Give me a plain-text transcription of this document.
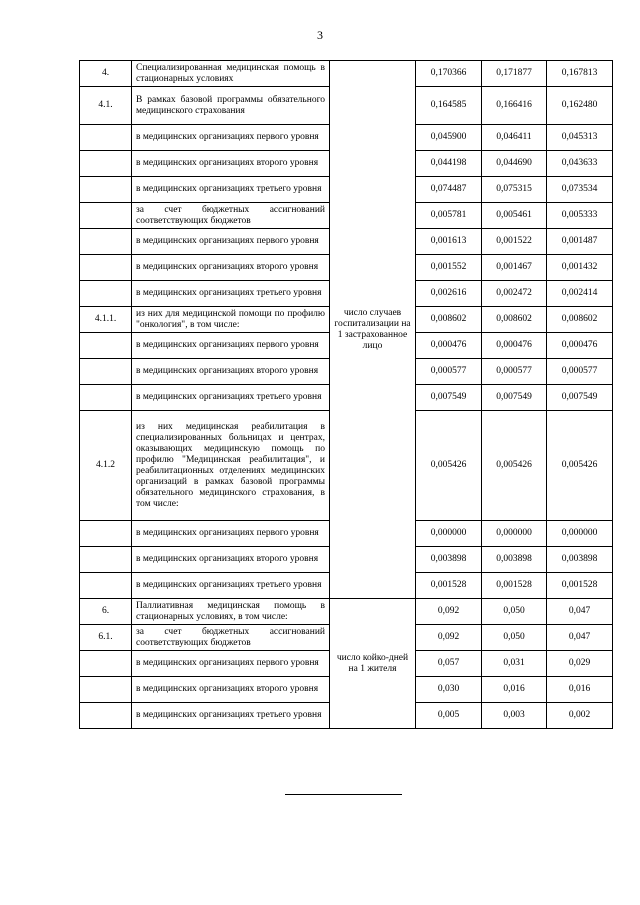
3
4.	Специализированная медицинская помощь в стационарных условиях	число случаев госпитализации на 1 застрахованное лицо	0,170366	0,171877	0,167813
4.1.	В рамках базовой программы обязательного медицинского страхования		0,164585	0,166416	0,162480
	в медицинских организациях первого уровня		0,045900	0,046411	0,045313
	в медицинских организациях второго уровня		0,044198	0,044690	0,043633
	в медицинских организациях третьего уровня		0,074487	0,075315	0,073534
	за счет бюджетных ассигнований соответствующих бюджетов		0,005781	0,005461	0,005333
	в медицинских организациях первого уровня		0,001613	0,001522	0,001487
	в медицинских организациях второго уровня		0,001552	0,001467	0,001432
	в медицинских организациях третьего уровня		0,002616	0,002472	0,002414
4.1.1.	из них для медицинской помощи по профилю "онкология", в том числе:		0,008602	0,008602	0,008602
	в медицинских организациях первого уровня		0,000476	0,000476	0,000476
	в медицинских организациях второго уровня		0,000577	0,000577	0,000577
	в медицинских организациях третьего уровня		0,007549	0,007549	0,007549
4.1.2	из них медицинская реабилитация в специализированных больницах и центрах, оказывающих медицинскую помощь по профилю "Медицинская реабилитация", и реабилитационных отделениях медицинских организаций в рамках базовой программы обязательного медицинского страхования, в том числе:		0,005426	0,005426	0,005426
	в медицинских организациях первого уровня		0,000000	0,000000	0,000000
	в медицинских организациях второго уровня		0,003898	0,003898	0,003898
	в медицинских организациях третьего уровня		0,001528	0,001528	0,001528
6.	Паллиативная медицинская помощь в стационарных условиях, в том числе:	число койко-дней на 1 жителя	0,092	0,050	0,047
6.1.	за счет бюджетных ассигнований соответствующих бюджетов		0,092	0,050	0,047
	в медицинских организациях первого уровня		0,057	0,031	0,029
	в медицинских организациях второго уровня		0,030	0,016	0,016
	в медицинских организациях третьего уровня		0,005	0,003	0,002
